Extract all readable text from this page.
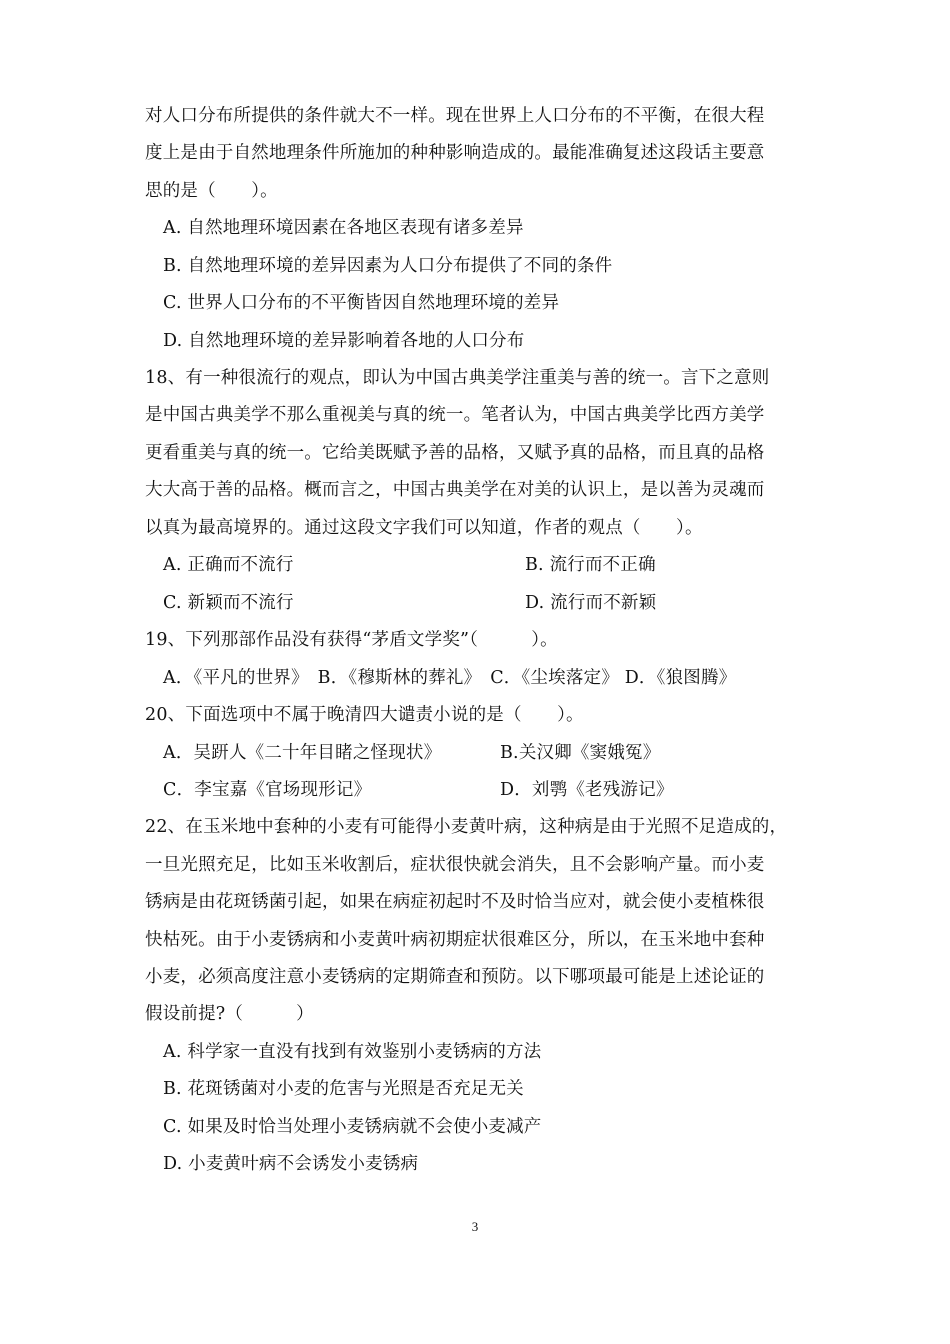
对人口分布所提供的条件就大不一样。现在世界上人口分布的不平衡，在很大程
度上是由于自然地理条件所施加的种种影响造成的。最能准确复述这段话主要意
思的是（　　）。
A. 自然地理环境因素在各地区表现有诸多差异
B. 自然地理环境的差异因素为人口分布提供了不同的条件
C. 世界人口分布的不平衡皆因自然地理环境的差异
D. 自然地理环境的差异影响着各地的人口分布
18、有一种很流行的观点，即认为中国古典美学注重美与善的统一。言下之意则
是中国古典美学不那么重视美与真的统一。笔者认为，中国古典美学比西方美学
更看重美与真的统一。它给美既赋予善的品格，又赋予真的品格，而且真的品格
大大高于善的品格。概而言之，中国古典美学在对美的认识上，是以善为灵魂而
以真为最高境界的。通过这段文字我们可以知道，作者的观点（　　）。
A. 正确而不流行	B. 流行而不正确
C. 新颖而不流行	D. 流行而不新颖
19、下列那部作品没有获得“茅盾文学奖”（　　　）。
A．《平凡的世界》　B．《穆斯林的葬礼》　C．《尘埃落定》 D．《狼图腾》
20、下面选项中不属于晚清四大谴责小说的是（　　）。
A．吴趼人《二十年目睹之怪现状》	B.关汉卿《窦娥冤》
C．李宝嘉《官场现形记》	D．刘鹗《老残游记》
22、在玉米地中套种的小麦有可能得小麦黄叶病，这种病是由于光照不足造成的，
一旦光照充足，比如玉米收割后，症状很快就会消失，且不会影响产量。而小麦
锈病是由花斑锈菌引起，如果在病症初起时不及时恰当应对，就会使小麦植株很
快枯死。由于小麦锈病和小麦黄叶病初期症状很难区分，所以，在玉米地中套种
小麦，必须高度注意小麦锈病的定期筛查和预防。以下哪项最可能是上述论证的
假设前提?（　　　）
A. 科学家一直没有找到有效鉴别小麦锈病的方法
B. 花斑锈菌对小麦的危害与光照是否充足无关
C. 如果及时恰当处理小麦锈病就不会使小麦减产
D. 小麦黄叶病不会诱发小麦锈病
3
